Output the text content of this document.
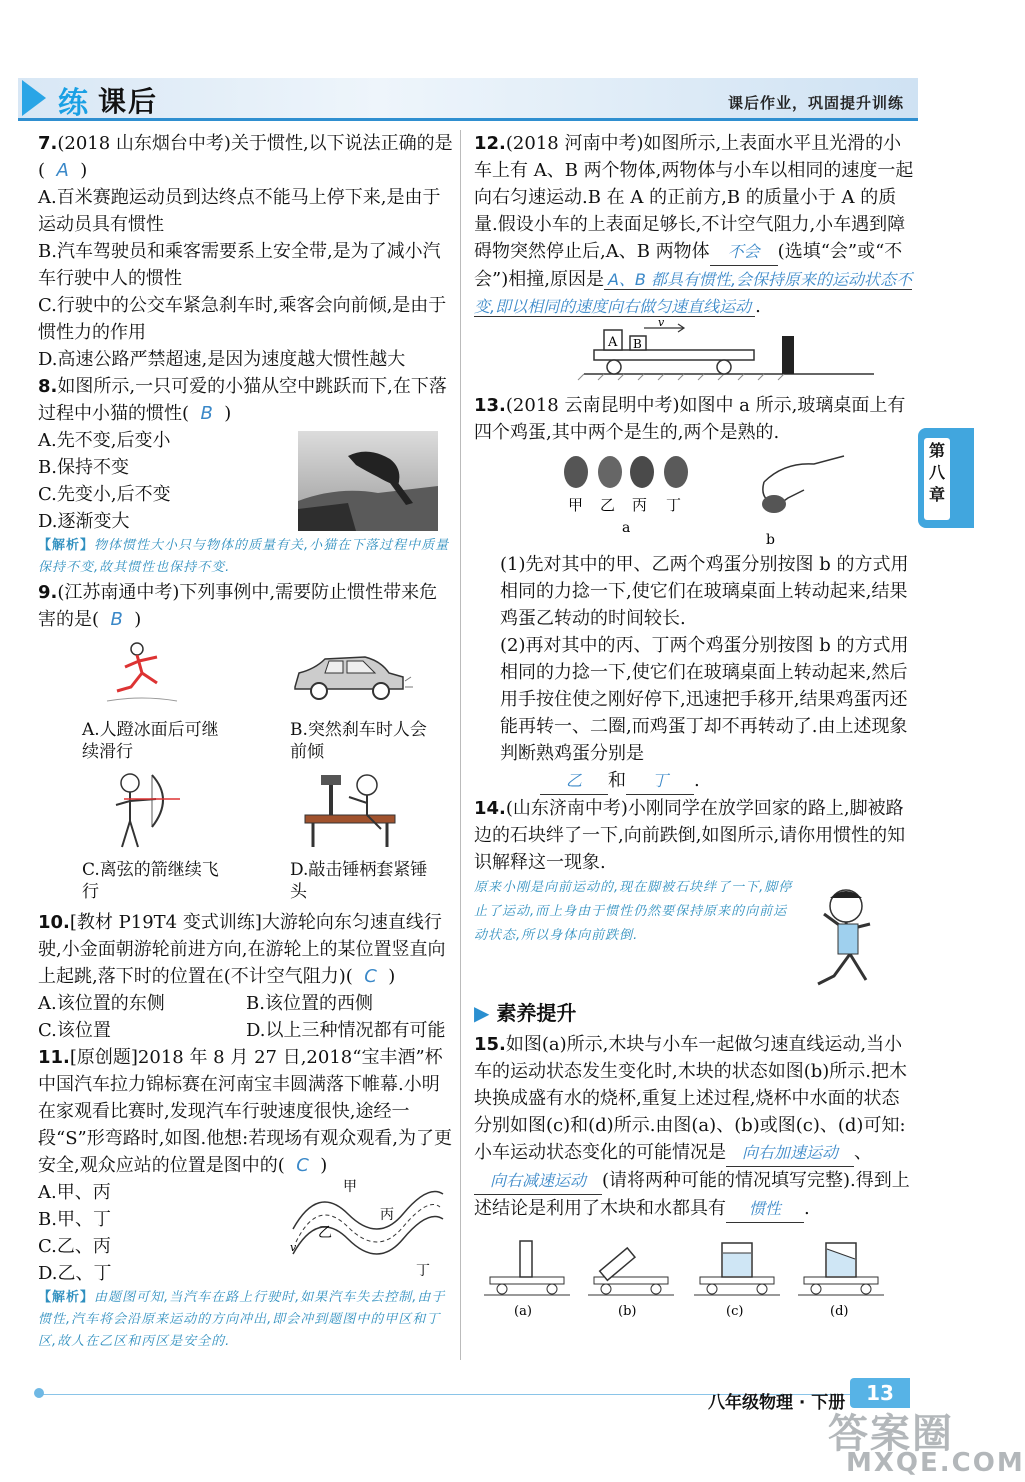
练 课后	课后作业，巩固提升训练

7.(2018 山东烟台中考)关于惯性,以下说法正确的是

( A )

A.百米赛跑运动员到达终点不能马上停下来,是由于运动员具有惯性

B.汽车驾驶员和乘客需要系上安全带,是为了减小汽车行驶中人的惯性

C.行驶中的公交车紧急刹车时,乘客会向前倾,是由于惯性力的作用

D.高速公路严禁超速,是因为速度越大惯性越大

8.如图所示,一只可爱的小猫从空中跳跃而下,在下落过程中小猫的惯性( B )

A.先不变,后变小

B.保持不变

C.先变小,后不变

D.逐渐变大

【解析】物体惯性大小只与物体的质量有关,小猫在下落过程中质量保持不变,故其惯性也保持不变.

9.(江苏南通中考)下列事例中,需要防止惯性带来危害的是( B )

A.人蹬冰面后可继续滑行
B.突然刹车时人会前倾
C.离弦的箭继续飞行
D.敲击锤柄套紧锤头

10.[教材 P19T4 变式训练]大游轮向东匀速直线行驶,小金面朝游轮前进方向,在游轮上的某位置竖直向上起跳,落下时的位置在(不计空气阻力)( C )

A.该位置的东侧	B.该位置的西侧
C.该位置	D.以上三种情况都有可能

11.[原创题]2018 年 8 月 27 日,2018“宝丰酒”杯中国汽车拉力锦标赛在河南宝丰圆满落下帷幕.小明在家观看比赛时,发现汽车行驶速度很快,途经一段“S”形弯路时,如图.他想:若现场有观众观看,为了更安全,观众应站的位置是图中的( C )

A.甲、丙

B.甲、丁

C.乙、丙

D.乙、丁

甲
乙
丙
丁
v

【解析】由题图可知,当汽车在路上行驶时,如果汽车失去控制,由于惯性,汽车将会沿原来运动的方向冲出,即会冲到题图中的甲区和丁区,故人在乙区和丙区是安全的.

12.(2018 河南中考)如图所示,上表面水平且光滑的小车上有 A、B 两个物体,两物体与小车以相同的速度一起向右匀速运动.B 在 A 的正前方,B 的质量小于 A 的质量.假设小车的上表面足够长,不计空气阻力,小车遇到障碍物突然停止后,A、B 两物体 不会 (选填“会”或“不会”)相撞,原因是 A、B 都具有惯性,会保持原来的运动状态不变,即以相同的速度向右做匀速直线运动 .

A B
v

13.(2018 云南昆明中考)如图中 a 所示,玻璃桌面上有四个鸡蛋,其中两个是生的,两个是熟的.

甲 乙 丙 丁
a
b

(1)先对其中的甲、乙两个鸡蛋分别按图 b 的方式用相同的力捻一下,使它们在玻璃桌面上转动起来,结果鸡蛋乙转动的时间较长.

(2)再对其中的丙、丁两个鸡蛋分别按图 b 的方式用相同的力捻一下,使它们在玻璃桌面上转动起来,然后用手按住使之刚好停下,迅速把手移开,结果鸡蛋丙还能再转一、二圈,而鸡蛋丁却不再转动了.由上述现象判断熟鸡蛋分别是
乙 和 丁 .

14.(山东济南中考)小刚同学在放学回家的路上,脚被路边的石块绊了一下,向前跌倒,如图所示,请你用惯性的知识解释这一现象.

原来小刚是向前运动的,现在脚被石块绊了一下,脚停止了运动,而上身由于惯性仍然要保持原来的向前运动状态,所以身体向前跌倒.

▶ 素养提升

15.如图(a)所示,木块与小车一起做匀速直线运动,当小车的运动状态发生变化时,木块的状态如图(b)所示.把木块换成盛有水的烧杯,重复上述过程,烧杯中水面的状态分别如图(c)和(d)所示.由图(a)、(b)或图(c)、(d)可知:小车运动状态变化的可能情况是 向右加速运动 、向右减速运动 (请将两种可能的情况填写完整).得到上述结论是利用了木块和水都具有 惯性 .

(a)	(b)	(c)	(d)
第
八
章
八年级物理 · 下册	13
答案圈
MXQE.COM
